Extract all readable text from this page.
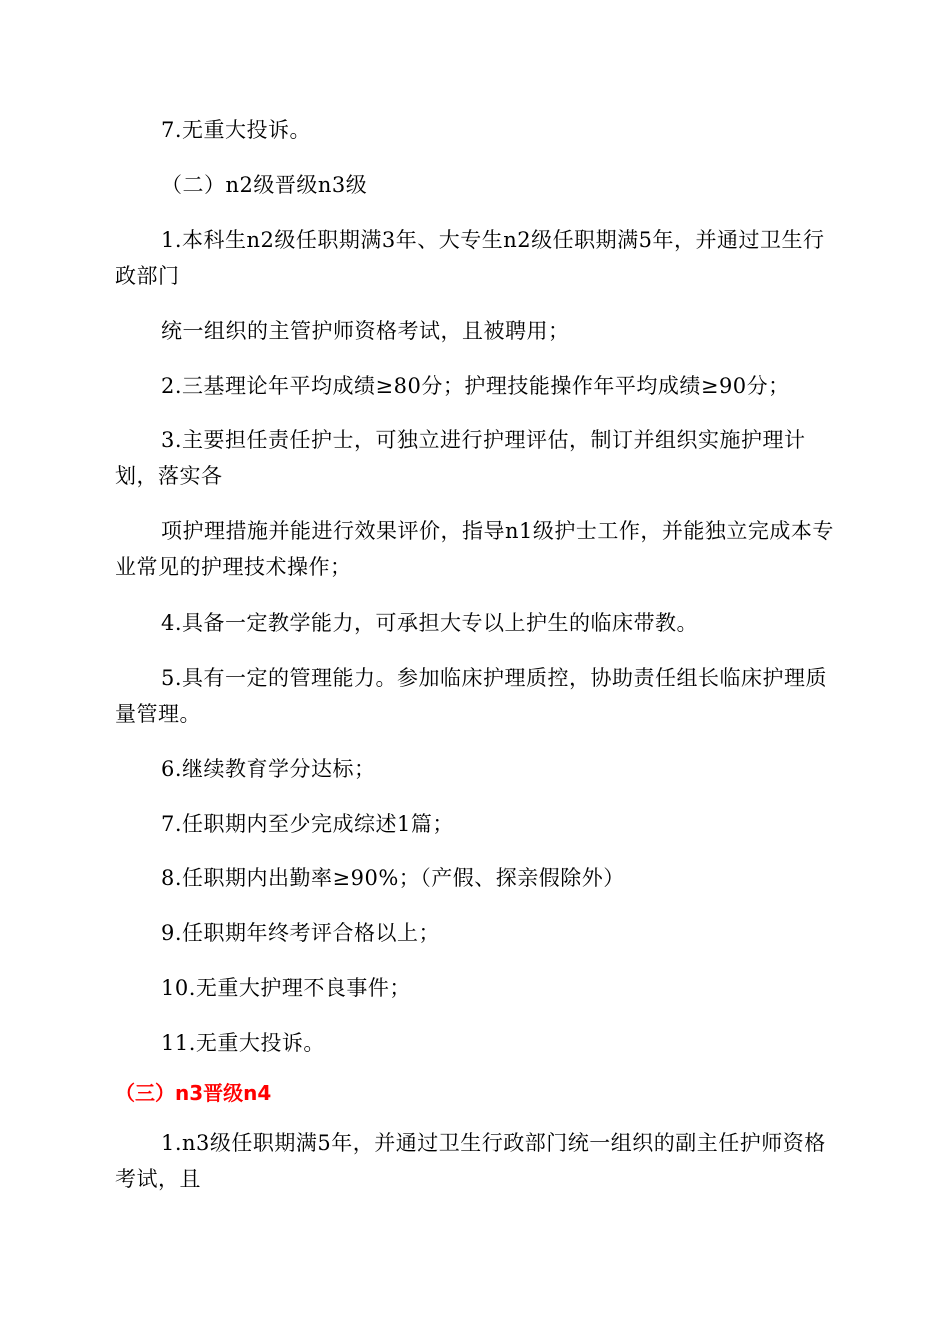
7.无重大投诉。

（二）n2级晋级n3级

1.本科生n2级任职期满3年、大专生n2级任职期满5年，并通过卫生行政部门

统一组织的主管护师资格考试，且被聘用；

2.三基理论年平均成绩≥80分；护理技能操作年平均成绩≥90分；

3.主要担任责任护士，可独立进行护理评估，制订并组织实施护理计划，落实各

项护理措施并能进行效果评价，指导n1级护士工作，并能独立完成本专业常见的护理技术操作；

4.具备一定教学能力，可承担大专以上护生的临床带教。

5.具有一定的管理能力。参加临床护理质控，协助责任组长临床护理质量管理。

6.继续教育学分达标；

7.任职期内至少完成综述1篇；

8.任职期内出勤率≥90%；（产假、探亲假除外）

9.任职期年终考评合格以上；

10.无重大护理不良事件；

11.无重大投诉。

（三）n3晋级n4

1.n3级任职期满5年，并通过卫生行政部门统一组织的副主任护师资格考试，且
